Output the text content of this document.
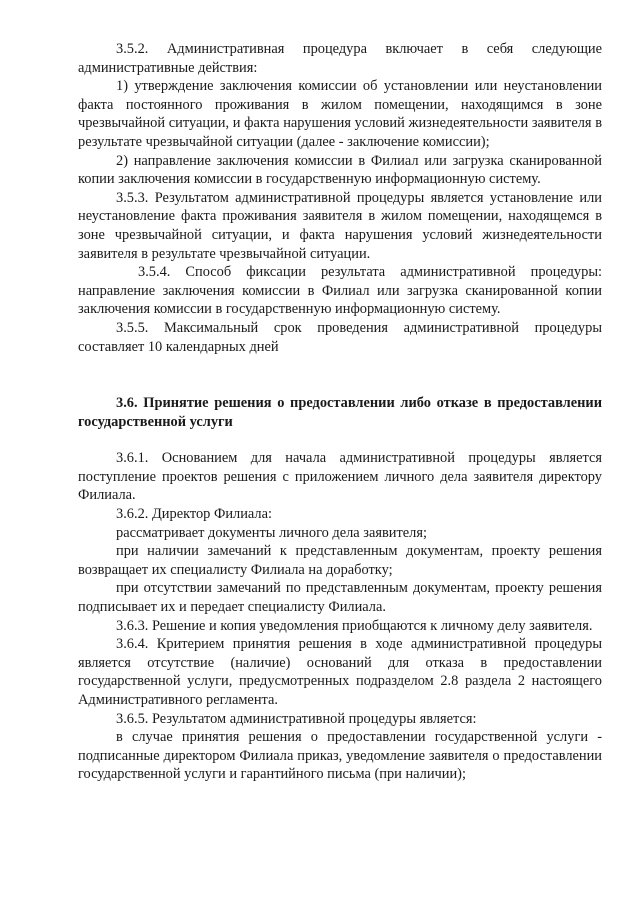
3.5.2. Административная процедура включает в себя следующие административные действия:

1) утверждение заключения комиссии об установлении или неустановлении факта постоянного проживания в жилом помещении, находящимся в зоне чрезвычайной ситуации, и факта нарушения условий жизнедеятельности заявителя в результате чрезвычайной ситуации (далее - заключение комиссии);

2) направление заключения комиссии в Филиал или загрузка сканированной копии заключения комиссии в государственную информационную систему.

3.5.3. Результатом административной процедуры является установление или неустановление факта проживания заявителя в жилом помещении, находящемся в зоне чрезвычайной ситуации, и факта нарушения условий жизнедеятельности заявителя в результате чрезвычайной ситуации.

3.5.4. Способ фиксации результата административной процедуры: направление заключения комиссии в Филиал или загрузка сканированной копии заключения комиссии в государственную информационную систему.

3.5.5. Максимальный срок проведения административной процедуры составляет 10 календарных дней

3.6. Принятие решения о предоставлении либо отказе в предоставлении государственной услуги

3.6.1. Основанием для начала административной процедуры является поступление проектов решения с приложением личного дела заявителя директору Филиала.

3.6.2. Директор Филиала:

рассматривает документы личного дела заявителя;

при наличии замечаний к представленным документам, проекту решения возвращает их специалисту Филиала на доработку;

при отсутствии замечаний по представленным документам, проекту решения подписывает их и передает специалисту Филиала.

3.6.3. Решение и копия уведомления приобщаются к личному делу заявителя.

3.6.4. Критерием принятия решения в ходе административной процедуры является отсутствие (наличие) оснований для отказа в предоставлении государственной услуги, предусмотренных подразделом 2.8 раздела 2 настоящего Административного регламента.

3.6.5. Результатом административной процедуры является:

в случае принятия решения о предоставлении государственной услуги - подписанные директором Филиала приказ, уведомление заявителя о предоставлении государственной услуги и гарантийного письма (при наличии);
